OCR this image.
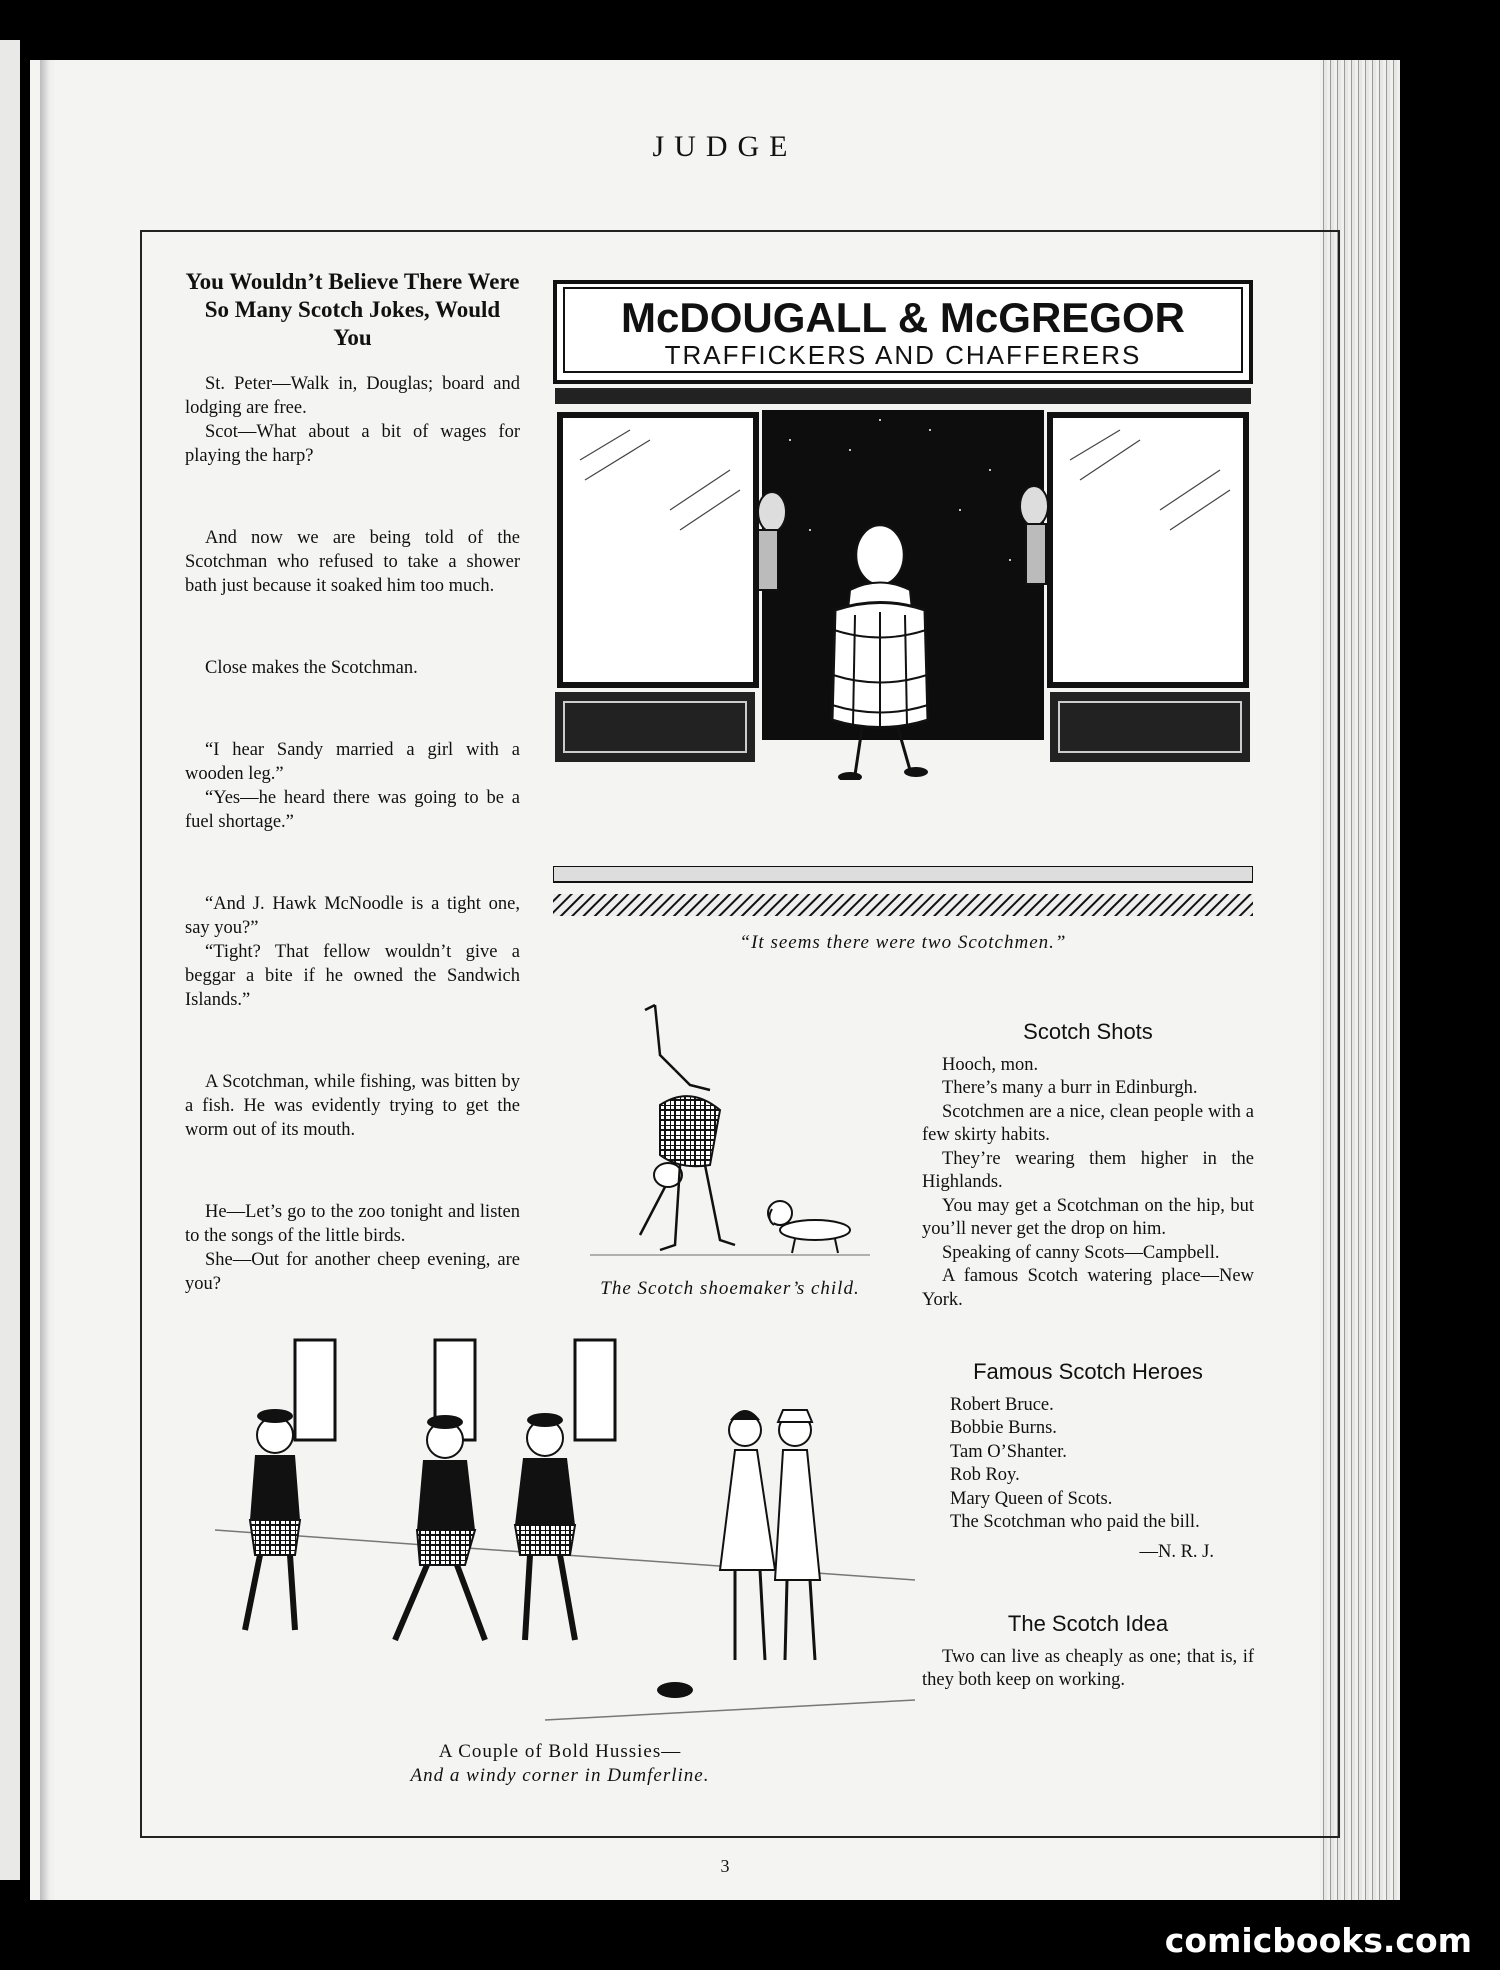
JUDGE
You Wouldn’t Believe There Were So Many Scotch Jokes, Would You

St. Peter—Walk in, Douglas; board and lodging are free.

Scot—What about a bit of wages for playing the harp?

And now we are being told of the Scotchman who refused to take a shower bath just because it soaked him too much.

Close makes the Scotchman.

“I hear Sandy married a girl with a wooden leg.”

“Yes—he heard there was going to be a fuel shortage.”

“And J. Hawk McNoodle is a tight one, say you?”

“Tight? That fellow wouldn’t give a beggar a bite if he owned the Sandwich Islands.”

A Scotchman, while fishing, was bitten by a fish. He was evidently trying to get the worm out of its mouth.

He—Let’s go to the zoo tonight and listen to the songs of the little birds.

She—Out for another cheep evening, are you?

McDOUGALL & McGREGOR
TRAFFICKERS AND CHAFFERERS
“It seems there were two Scotchmen.”
The Scotch shoemaker’s child.
A Couple of Bold Hussies—
And a windy corner in Dumferline.
Scotch Shots

Hooch, mon.

There’s many a burr in Edinburgh.

Scotchmen are a nice, clean people with a few skirty habits.

They’re wearing them higher in the Highlands.

You may get a Scotchman on the hip, but you’ll never get the drop on him.

Speaking of canny Scots—Campbell.

A famous Scotch watering place—New York.

Famous Scotch Heroes

Robert Bruce.

Bobbie Burns.

Tam O’Shanter.

Rob Roy.

Mary Queen of Scots.

The Scotchman who paid the bill.

—N. R. J.
The Scotch Idea

Two can live as cheaply as one; that is, if they both keep on working.

3
comicbooks.com
